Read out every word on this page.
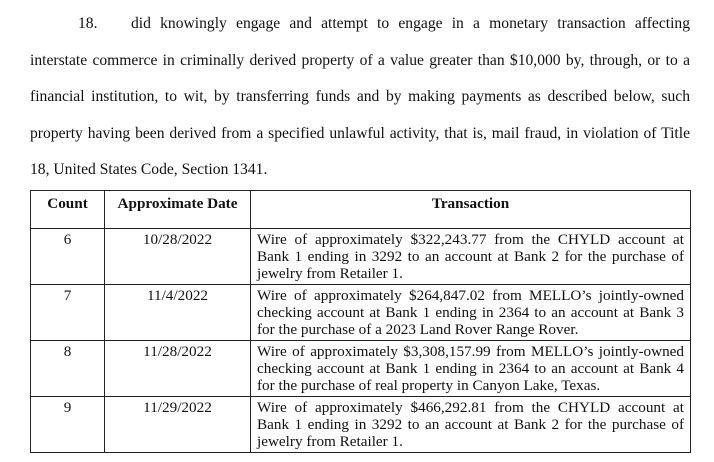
18. did knowingly engage and attempt to engage in a monetary transaction affecting interstate commerce in criminally derived property of a value greater than $10,000 by, through, or to a financial institution, to wit, by transferring funds and by making payments as described below, such property having been derived from a specified unlawful activity, that is, mail fraud, in violation of Title 18, United States Code, Section 1341.
Count	Approximate Date	Transaction
6	10/28/2022	Wire of approximately $322,243.77 from the CHYLD account at Bank 1 ending in 3292 to an account at Bank 2 for the purchase of jewelry from Retailer 1.
7	11/4/2022	Wire of approximately $264,847.02 from MELLO’s jointly-owned checking account at Bank 1 ending in 2364 to an account at Bank 3 for the purchase of a 2023 Land Rover Range Rover.
8	11/28/2022	Wire of approximately $3,308,157.99 from MELLO’s jointly-owned checking account at Bank 1 ending in 2364 to an account at Bank 4 for the purchase of real property in Canyon Lake, Texas.
9	11/29/2022	Wire of approximately $466,292.81 from the CHYLD account at Bank 1 ending in 3292 to an account at Bank 2 for the purchase of jewelry from Retailer 1.
